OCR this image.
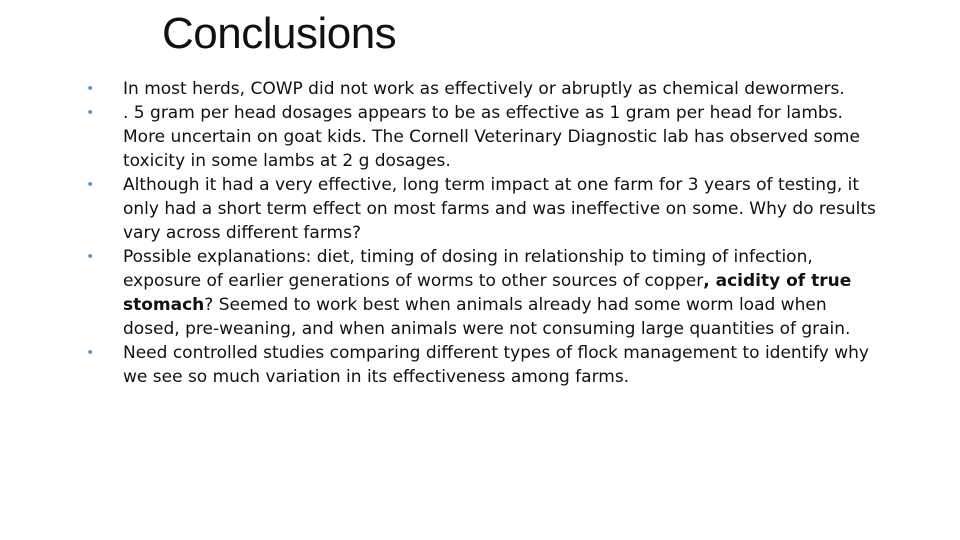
Conclusions
• In most herds, COWP did not work as effectively or abruptly as chemical dewormers.
• . 5 gram per head dosages appears to be as effective as 1 gram per head for lambs. More uncertain on goat kids. The Cornell Veterinary Diagnostic lab has observed some toxicity in some lambs at 2 g dosages.
• Although it had a very effective, long term impact at one farm for 3 years of testing, it only had a short term effect on most farms and was ineffective on some. Why do results vary across different farms?
• Possible explanations: diet, timing of dosing in relationship to timing of infection, exposure of earlier generations of worms to other sources of copper, acidity of true stomach? Seemed to work best when animals already had some worm load when dosed, pre-weaning, and when animals were not consuming large quantities of grain.
• Need controlled studies comparing different types of flock management to identify why we see so much variation in its effectiveness among farms.
